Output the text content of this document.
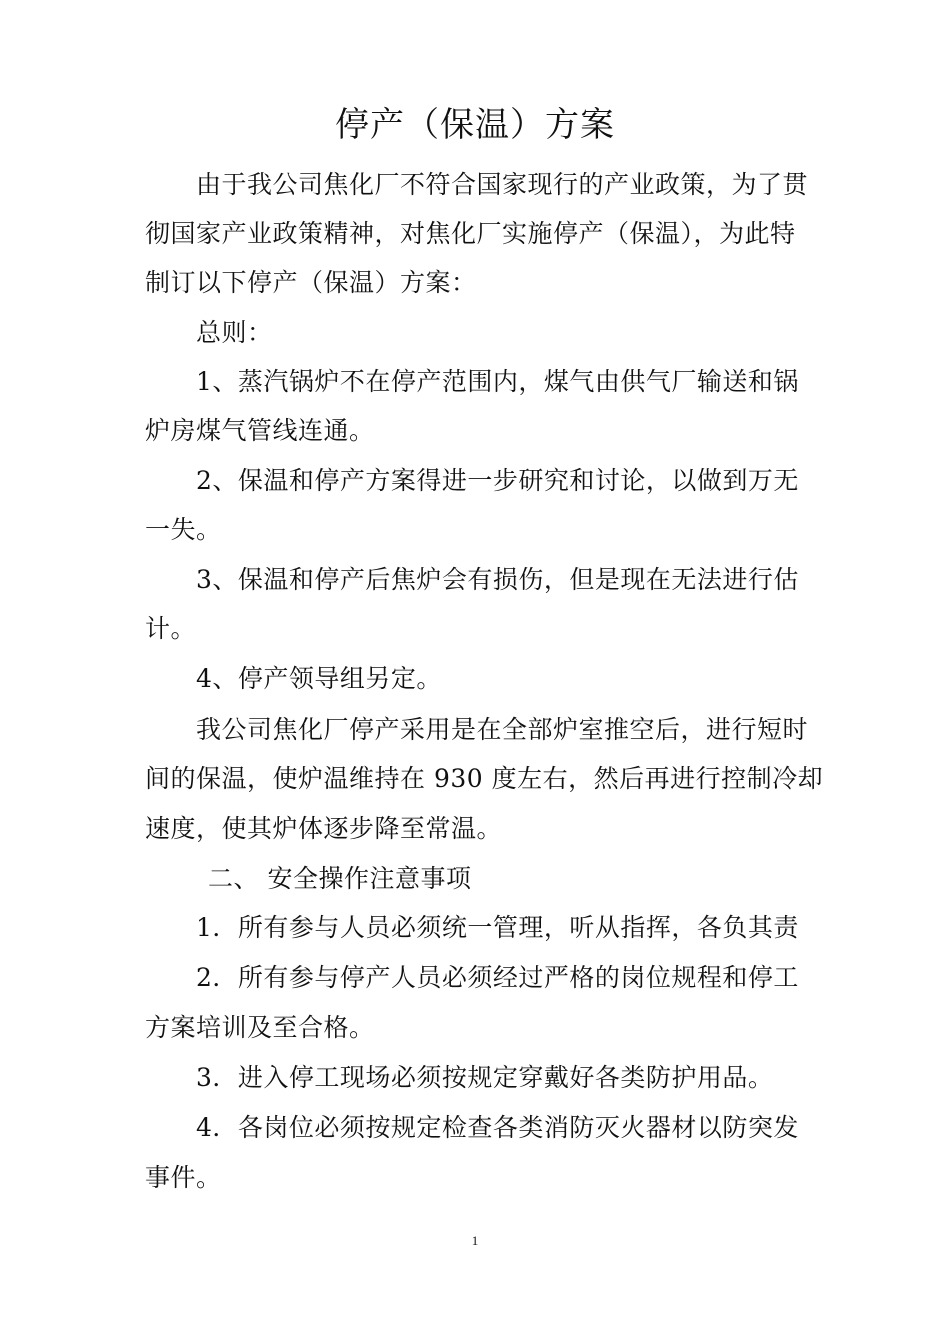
停产（保温）方案
由于我公司焦化厂不符合国家现行的产业政策，为了贯
彻国家产业政策精神，对焦化厂实施停产（保温），为此特
制订以下停产（保温）方案：
总则：
1、蒸汽锅炉不在停产范围内，煤气由供气厂输送和锅
炉房煤气管线连通。
2、保温和停产方案得进一步研究和讨论，以做到万无
一失。
3、保温和停产后焦炉会有损伤，但是现在无法进行估
计。
4、停产领导组另定。
我公司焦化厂停产采用是在全部炉室推空后，进行短时
间的保温，使炉温维持在 930 度左右，然后再进行控制冷却
速度，使其炉体逐步降至常温。
二、 安全操作注意事项
1．所有参与人员必须统一管理，听从指挥，各负其责
2．所有参与停产人员必须经过严格的岗位规程和停工
方案培训及至合格。
3．进入停工现场必须按规定穿戴好各类防护用品。
4．各岗位必须按规定检查各类消防灭火器材以防突发
事件。
1
